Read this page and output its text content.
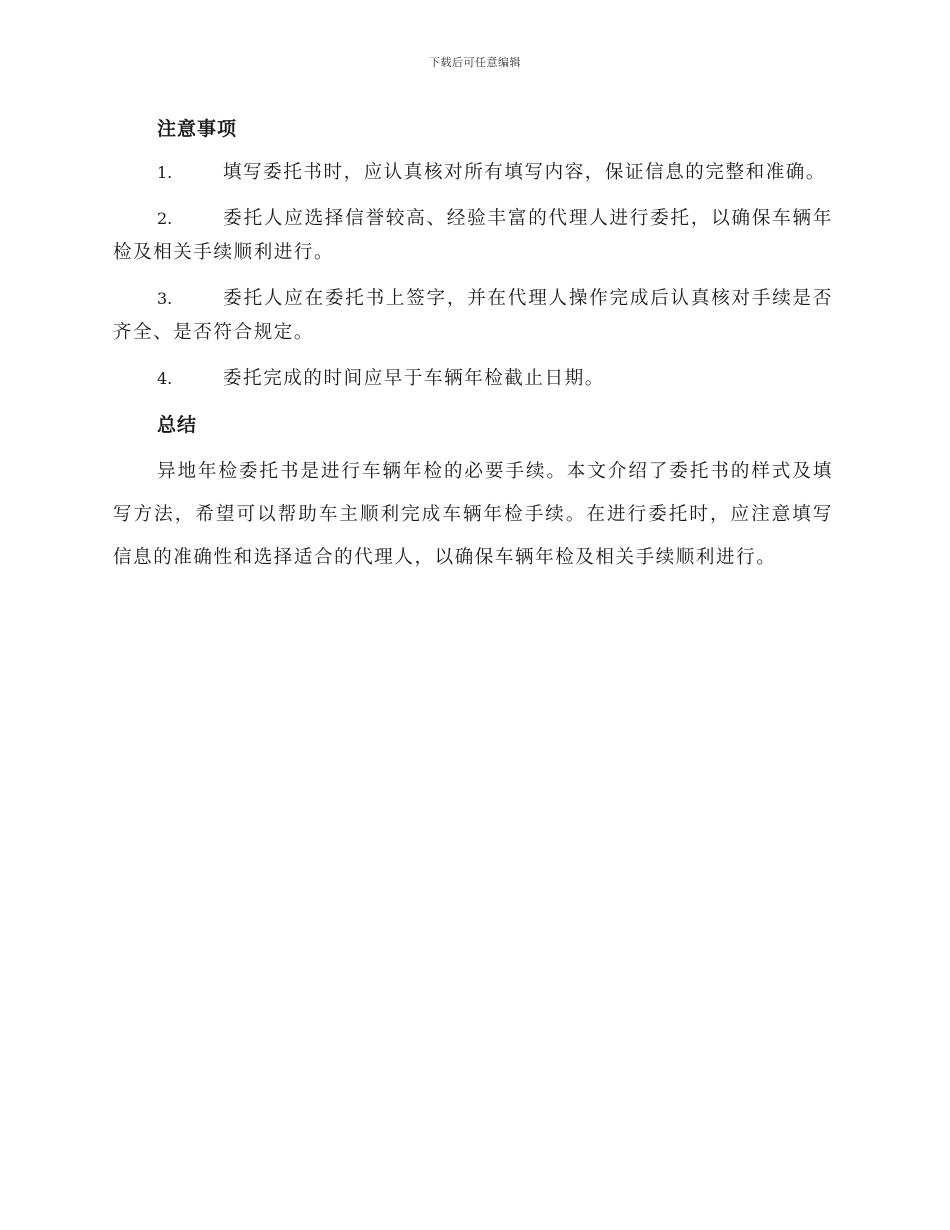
下载后可任意编辑
注意事项

1.	填写委托书时，应认真核对所有填写内容，保证信息的完整和准确。

2.	委托人应选择信誉较高、经验丰富的代理人进行委托，以确保车辆年检及相关手续顺利进行。

3.	委托人应在委托书上签字，并在代理人操作完成后认真核对手续是否齐全、是否符合规定。

4.	委托完成的时间应早于车辆年检截止日期。

总结

异地年检委托书是进行车辆年检的必要手续。本文介绍了委托书的样式及填写方法，希望可以帮助车主顺利完成车辆年检手续。在进行委托时，应注意填写信息的准确性和选择适合的代理人，以确保车辆年检及相关手续顺利进行。
